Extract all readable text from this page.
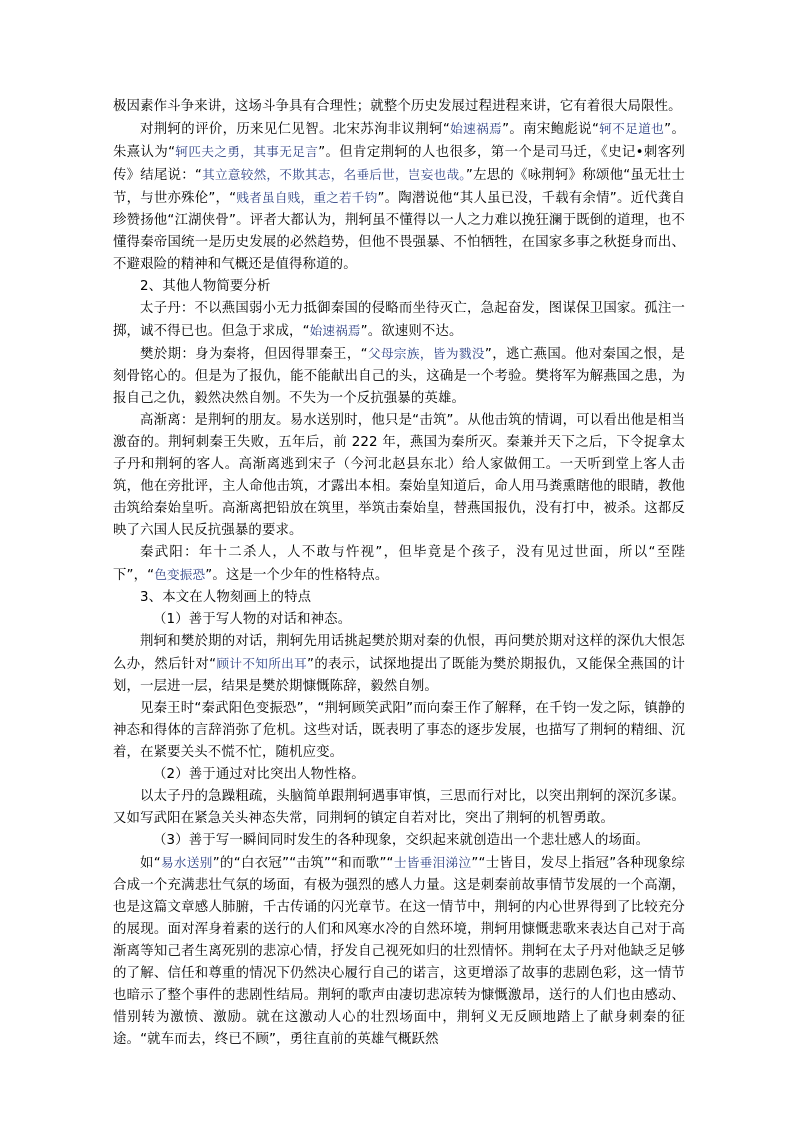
极因素作斗争来讲，这场斗争具有合理性；就整个历史发展过程进程来讲，它有着很大局限性。

对荆轲的评价，历来见仁见智。北宋苏洵非议荆轲“始速祸焉”。南宋鲍彪说“轲不足道也”。朱熹认为“轲匹夫之勇，其事无足言”。但肯定荆轲的人也很多，第一个是司马迁，《史记•刺客列传》结尾说：“其立意较然，不欺其志，名垂后世，岂妄也哉。”左思的《咏荆轲》称颂他“虽无壮士节，与世亦殊伦”，“贱者虽自贱，重之若千钧”。陶潜说他“其人虽已没，千载有余情”。近代龚自珍赞扬他“江湖侠骨”。评者大都认为，荆轲虽不懂得以一人之力难以挽狂澜于既倒的道理，也不懂得秦帝国统一是历史发展的必然趋势，但他不畏强暴、不怕牺牲，在国家多事之秋挺身而出、不避艰险的精神和气概还是值得称道的。

2、其他人物简要分析

太子丹：不以燕国弱小无力抵御秦国的侵略而坐待灭亡，急起奋发，图谋保卫国家。孤注一掷，诚不得已也。但急于求成，“始速祸焉”。欲速则不达。

樊於期：身为秦将，但因得罪秦王，“父母宗族，皆为戮没”，逃亡燕国。他对秦国之恨，是刻骨铭心的。但是为了报仇，能不能献出自己的头，这确是一个考验。樊将军为解燕国之患，为报自己之仇，毅然决然自刎。不失为一个反抗强暴的英雄。

高渐离：是荆轲的朋友。易水送别时，他只是“击筑”。从他击筑的情调，可以看出他是相当激奋的。荆轲刺秦王失败，五年后，前 222 年，燕国为秦所灭。秦兼并天下之后，下令捉拿太子丹和荆轲的客人。高渐离逃到宋子（今河北赵县东北）给人家做佣工。一天听到堂上客人击筑，他在旁批评，主人命他击筑，才露出本相。秦始皇知道后，命人用马粪熏瞎他的眼睛，教他击筑给秦始皇听。高渐离把铅放在筑里，举筑击秦始皇，替燕国报仇，没有打中，被杀。这都反映了六国人民反抗强暴的要求。

秦武阳：年十二杀人，人不敢与忤视”，但毕竟是个孩子，没有见过世面，所以“至陛下”，“色变振恐”。这是一个少年的性格特点。

3、本文在人物刻画上的特点

（1）善于写人物的对话和神态。

荆轲和樊於期的对话，荆轲先用话挑起樊於期对秦的仇恨，再问樊於期对这样的深仇大恨怎么办，然后针对“顾计不知所出耳”的表示，试探地提出了既能为樊於期报仇，又能保全燕国的计划，一层进一层，结果是樊於期慷慨陈辞，毅然自刎。

见秦王时“秦武阳色变振恐”，“荆轲顾笑武阳”而向秦王作了解释，在千钧一发之际，镇静的神态和得体的言辞消弥了危机。这些对话，既表明了事态的逐步发展，也描写了荆轲的精细、沉着，在紧要关头不慌不忙，随机应变。

（2）善于通过对比突出人物性格。

以太子丹的急躁粗疏，头脑简单跟荆轲遇事审慎，三思而行对比，以突出荆轲的深沉多谋。又如写武阳在紧急关头神态失常，同荆轲的镇定自若对比，突出了荆轲的机智勇敢。

（3）善于写一瞬间同时发生的各种现象，交织起来就创造出一个悲壮感人的场面。

如“易水送别”的“白衣冠”“击筑”“和而歌”“士皆垂泪涕泣”“士皆目，发尽上指冠”各种现象综合成一个充满悲壮气氛的场面，有极为强烈的感人力量。这是刺秦前故事情节发展的一个高潮，也是这篇文章感人肺腑，千古传诵的闪光章节。在这一情节中，荆轲的内心世界得到了比较充分的展现。面对浑身着素的送行的人们和风寒水冷的自然环境，荆轲用慷慨悲歌来表达自己对于高渐离等知己者生离死别的悲凉心情，抒发自己视死如归的壮烈情怀。荆轲在太子丹对他缺乏足够的了解、信任和尊重的情况下仍然决心履行自己的诺言，这更增添了故事的悲剧色彩，这一情节也暗示了整个事件的悲剧性结局。荆轲的歌声由凄切悲凉转为慷慨激昂，送行的人们也由感动、惜别转为激愤、激励。就在这激动人心的壮烈场面中，荆轲义无反顾地踏上了献身刺秦的征途。“就车而去，终已不顾”，勇往直前的英雄气概跃然
